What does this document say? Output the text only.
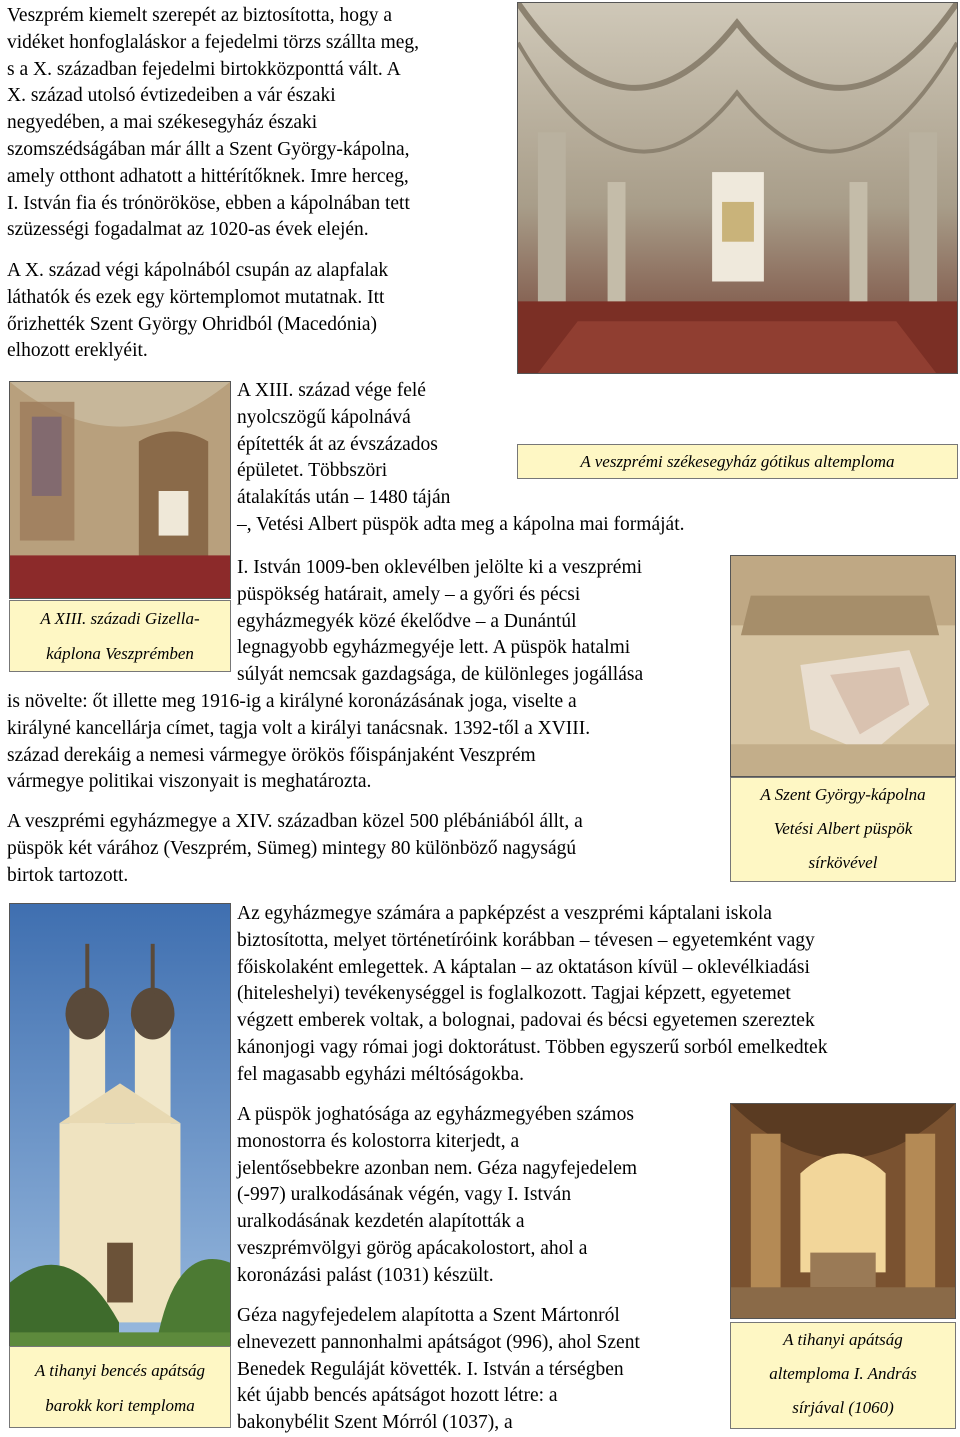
A veszprémi székesegyház gótikus altemploma
A XIII. századi Gizella-
káplona Veszprémben
A Szent György-kápolna
Vetési Albert püspök
sírkövével
A tihanyi bencés apátság
barokk kori temploma
A tihanyi apátság
altemploma I. András
sírjával (1060)
Veszprém kiemelt szerepét az biztosította, hogy a
vidéket honfoglaláskor a fejedelmi törzs szállta meg,
s a X. században fejedelmi birtokközponttá vált. A
X. század utolsó évtizedeiben a vár északi
negyedében, a mai székesegyház északi
szomszédságában már állt a Szent György-kápolna,
amely otthont adhatott a hittérítőknek. Imre herceg,
I. István fia és trónörököse, ebben a kápolnában tett
szüzességi fogadalmat az 1020-as évek elején.
A X. század végi kápolnából csupán az alapfalak
láthatók és ezek egy körtemplomot mutatnak. Itt
őrizhették Szent György Ohridból (Macedónia)
elhozott ereklyéit.
A XIII. század vége felé
nyolcszögű kápolnává
építették át az évszázados
épületet. Többszöri
átalakítás után – 1480 táján
–, Vetési Albert püspök adta meg a kápolna mai formáját.
I. István 1009-ben oklevélben jelölte ki a veszprémi
püspökség határait, amely – a győri és pécsi
egyházmegyék közé ékelődve – a Dunántúl
legnagyobb egyházmegyéje lett. A püspök hatalmi
súlyát nemcsak gazdagsága, de különleges jogállása
is növelte: őt illette meg 1916-ig a királyné koronázásának joga, viselte a
királyné kancellárja címet, tagja volt a királyi tanácsnak. 1392-től a XVIII.
század derekáig a nemesi vármegye örökös főispánjaként Veszprém
vármegye politikai viszonyait is meghatározta.
A veszprémi egyházmegye a XIV. században közel 500 plébániából állt, a
püspök két várához (Veszprém, Sümeg) mintegy 80 különböző nagyságú
birtok tartozott.
Az egyházmegye számára a papképzést a veszprémi káptalani iskola
biztosította, melyet történetíróink korábban – tévesen – egyetemként vagy
főiskolaként emlegettek. A káptalan – az oktatáson kívül – oklevélkiadási
(hiteleshelyi) tevékenységgel is foglalkozott. Tagjai képzett, egyetemet
végzett emberek voltak, a bolognai, padovai és bécsi egyetemen szereztek
kánonjogi vagy római jogi doktorátust. Többen egyszerű sorból emelkedtek
fel magasabb egyházi méltóságokba.
A püspök joghatósága az egyházmegyében számos
monostorra és kolostorra kiterjedt, a
jelentősebbekre azonban nem. Géza nagyfejedelem
(-997) uralkodásának végén, vagy I. István
uralkodásának kezdetén alapították a
veszprémvölgyi görög apácakolostort, ahol a
koronázási palást (1031) készült.
Géza nagyfejedelem alapította a Szent Mártonról
elnevezett pannonhalmi apátságot (996), ahol Szent
Benedek Reguláját követték. I. István a térségben
két újabb bencés apátságot hozott létre: a
bakonybélit Szent Mórról (1037), a
